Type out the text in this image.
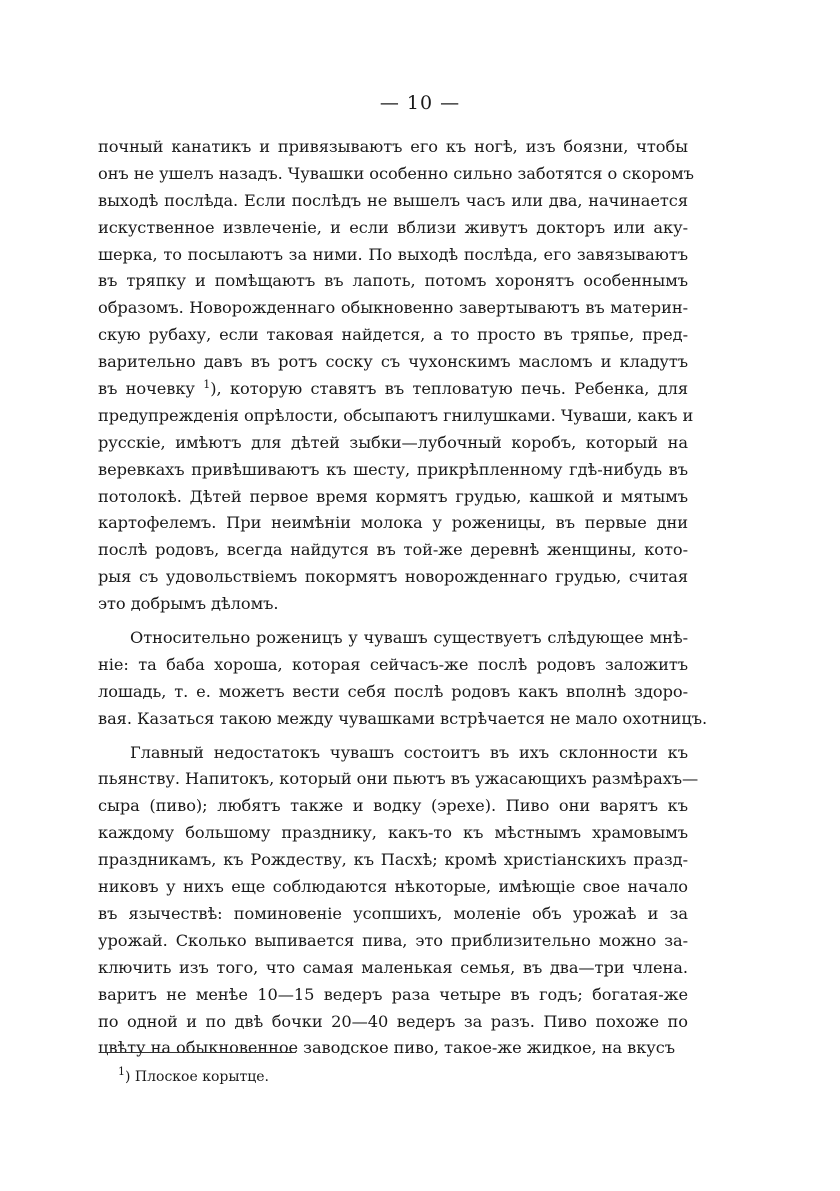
— 10 —
почный канатикъ и привязываютъ его къ ногѣ, изъ боязни, чтобы
онъ не ушелъ назадъ. Чувашки особенно сильно заботятся о скоромъ
выходѣ послѣда. Если послѣдъ не вышелъ часъ или два, начинается
искуственное извлеченіе, и если вблизи живутъ докторъ или аку-
шерка, то посылаютъ за ними. По выходѣ послѣда, его завязываютъ
въ тряпку и помѣщаютъ въ лапоть, потомъ хоронятъ особеннымъ
образомъ. Новорожденнаго обыкновенно завертываютъ въ материн-
скую рубаху, если таковая найдется, а то просто въ тряпье, пред-
варительно давъ въ ротъ соску съ чухонскимъ масломъ и кладутъ
въ ночевку $^1$), которую ставятъ въ тепловатую печь. Ребенка, для
предупрежденія опрѣлости, обсыпаютъ гнилушками. Чуваши, какъ и
русскіе, имѣютъ для дѣтей зыбки—лубочный коробъ, который на
веревкахъ привѣшиваютъ къ шесту, прикрѣпленному гдѣ-нибудь въ
потолокѣ. Дѣтей первое время кормятъ грудью, кашкой и мятымъ
картофелемъ. При неимѣніи молока у роженицы, въ первые дни
послѣ родовъ, всегда найдутся въ той-же деревнѣ женщины, кото-
рыя съ удовольствіемъ покормятъ новорожденнаго грудью, считая
это добрымъ дѣломъ.
Относительно роженицъ у чувашъ существуетъ слѣдующее мнѣ-
ніе: та баба хороша, которая сейчасъ-же послѣ родовъ заложитъ
лошадь, т. е. можетъ вести себя послѣ родовъ какъ вполнѣ здоро-
вая. Казаться такою между чувашками встрѣчается не мало охотницъ.
Главный недостатокъ чувашъ состоитъ въ ихъ склонности къ
пьянству. Напитокъ, который они пьютъ въ ужасающихъ размѣрахъ—
сыра (пиво); любятъ также и водку (эрехе). Пиво они варятъ къ
каждому большому празднику, какъ-то къ мѣстнымъ храмовымъ
праздникамъ, къ Рождеству, къ Пасхѣ; кромѣ христіанскихъ празд-
никовъ у нихъ еще соблюдаются нѣкоторые, имѣющіе свое начало
въ язычествѣ: поминовеніе усопшихъ, моленіе объ урожаѣ и за
урожай. Сколько выпивается пива, это приблизительно можно за-
ключить изъ того, что самая маленькая семья, въ два—три члена.
варитъ не менѣе 10—15 ведеръ раза четыре въ годъ; богатая-же
по одной и по двѣ бочки 20—40 ведеръ за разъ. Пиво похоже по
цвѣту на обыкновенное заводское пиво, такое-же жидкое, на вкусъ
$^1$) Плоское корытце.
